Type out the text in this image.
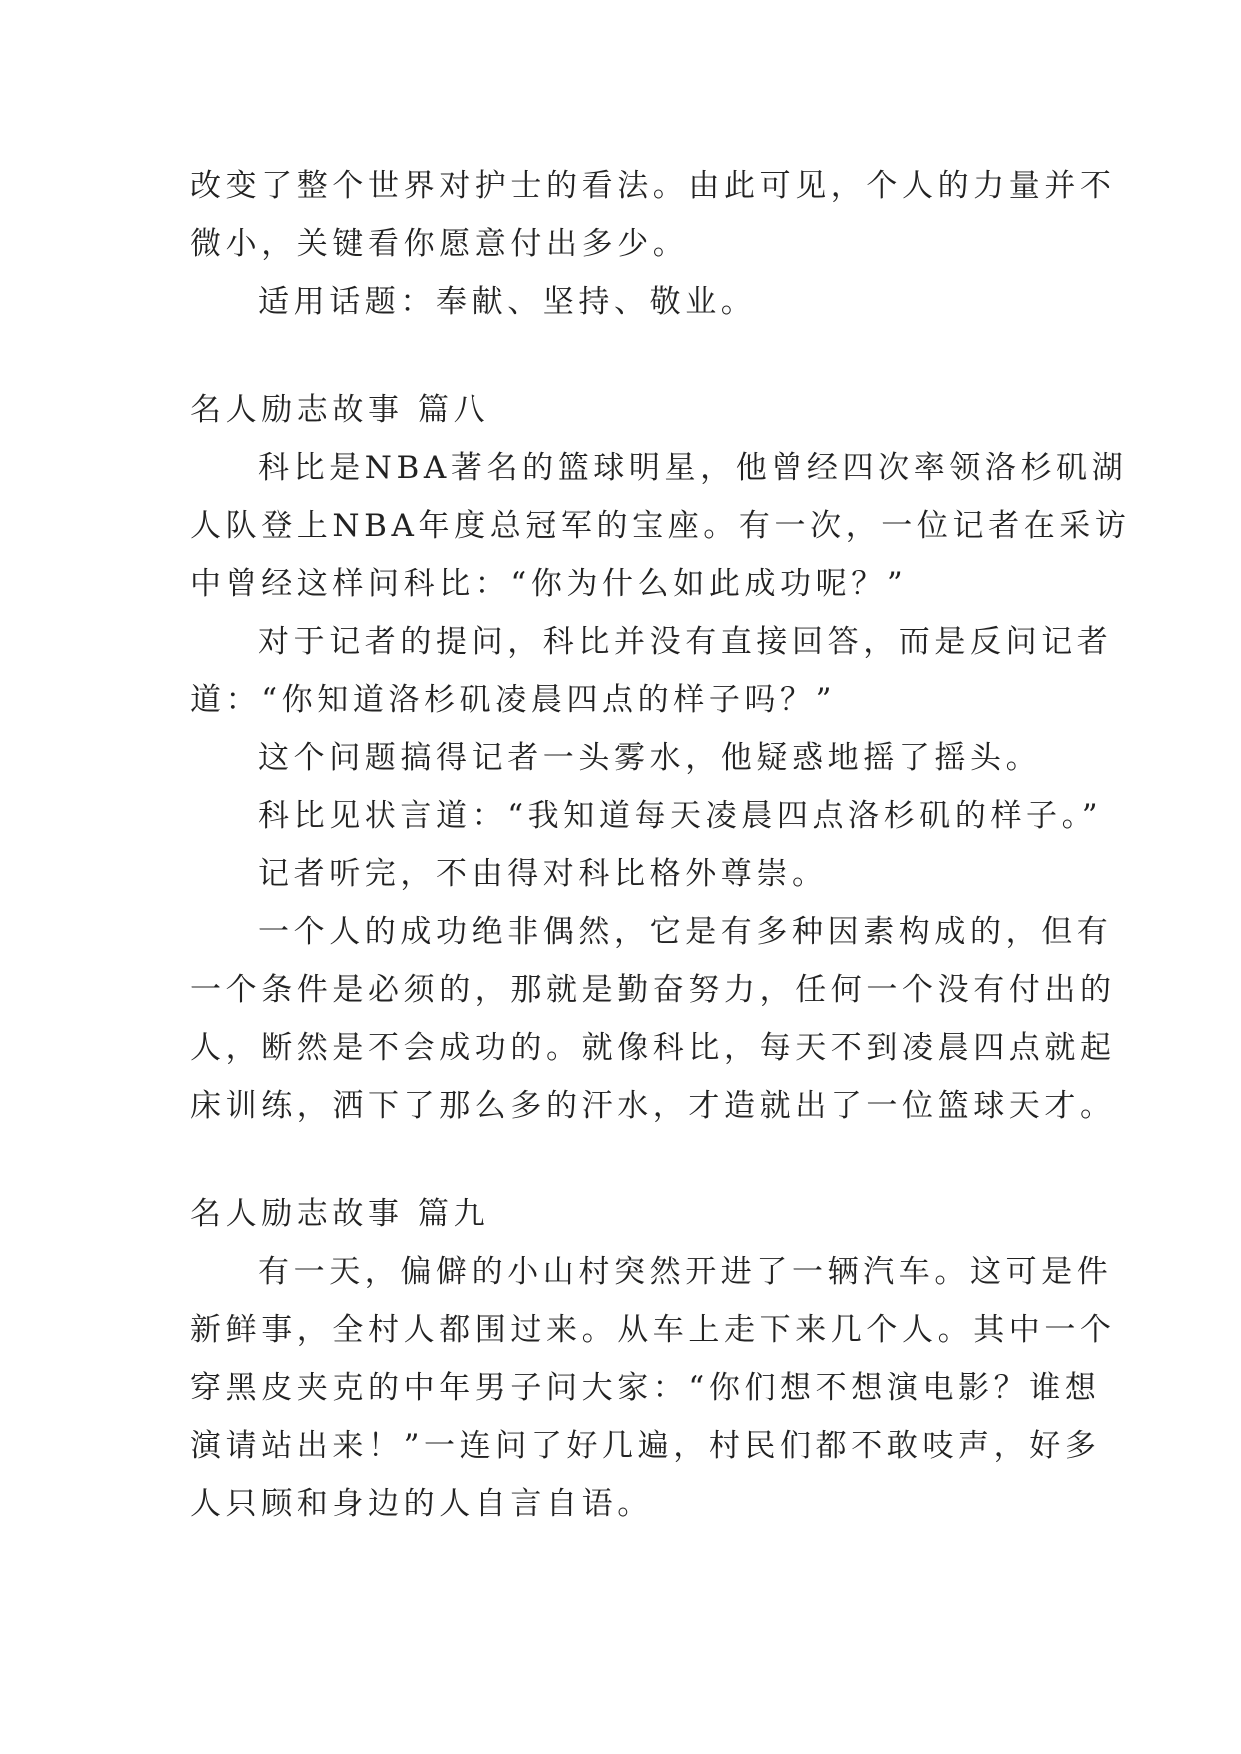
改变了整个世界对护士的看法。由此可见，个人的力量并不
微小，关键看你愿意付出多少。
适用话题：奉献、坚持、敬业。
名人励志故事 篇八
科比是NBA著名的篮球明星，他曾经四次率领洛杉矶湖
人队登上NBA年度总冠军的宝座。有一次，一位记者在采访
中曾经这样问科比：“你为什么如此成功呢？”
对于记者的提问，科比并没有直接回答，而是反问记者
道：“你知道洛杉矶凌晨四点的样子吗？”
这个问题搞得记者一头雾水，他疑惑地摇了摇头。
科比见状言道：“我知道每天凌晨四点洛杉矶的样子。”
记者听完，不由得对科比格外尊崇。
一个人的成功绝非偶然，它是有多种因素构成的，但有
一个条件是必须的，那就是勤奋努力，任何一个没有付出的
人，断然是不会成功的。就像科比，每天不到凌晨四点就起
床训练，洒下了那么多的汗水，才造就出了一位篮球天才。
名人励志故事 篇九
有一天，偏僻的小山村突然开进了一辆汽车。这可是件
新鲜事，全村人都围过来。从车上走下来几个人。其中一个
穿黑皮夹克的中年男子问大家：“你们想不想演电影？谁想
演请站出来！”一连问了好几遍，村民们都不敢吱声，好多
人只顾和身边的人自言自语。
